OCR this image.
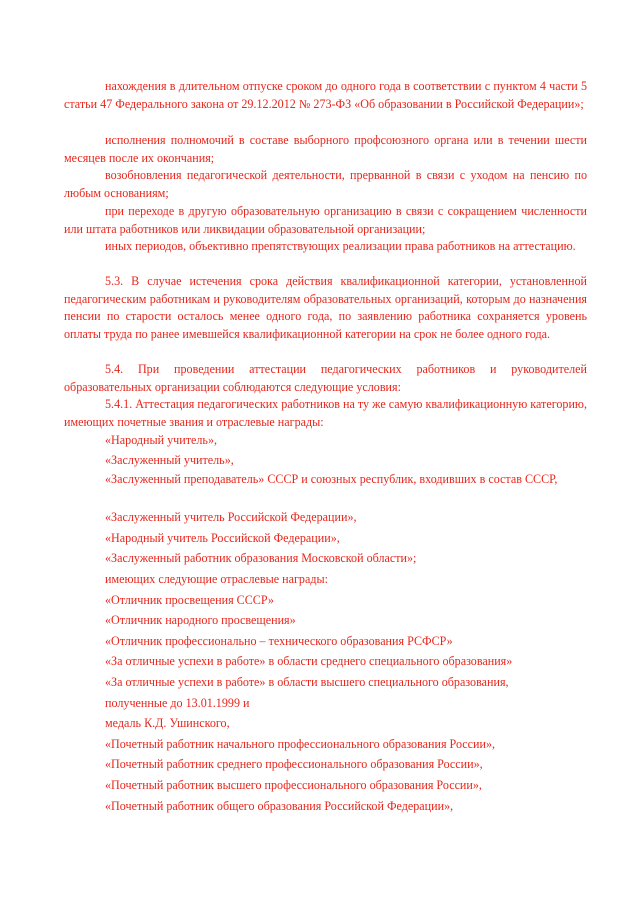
нахождения в длительном отпуске сроком до одного года в соответствии с пунктом 4 части 5 статьи 47 Федерального закона от 29.12.2012 № 273-ФЗ «Об образовании в Российской Федерации»;
исполнения полномочий в составе выборного профсоюзного органа или в течении шести месяцев после их окончания;
возобновления педагогической деятельности, прерванной в связи с уходом на пенсию по любым основаниям;
при переходе в другую образовательную организацию в связи с сокращением численности или штата работников или ликвидации образовательной организации;
иных периодов, объективно препятствующих реализации права работников на аттестацию.
5.3. В случае истечения срока действия квалификационной категории, установленной педагогическим работникам и руководителям образовательных организаций, которым до назначения пенсии по старости осталось менее одного года, по заявлению работника сохраняется уровень оплаты труда по ранее имевшейся квалификационной категории на срок не более одного года.
5.4. При проведении аттестации педагогических работников и руководителей образовательных организации соблюдаются следующие условия:
5.4.1. Аттестация педагогических работников на ту же самую квалификационную категорию, имеющих почетные звания и отраслевые награды:
«Народный учитель»,
«Заслуженный учитель»,
«Заслуженный преподаватель» СССР и союзных республик, входивших в состав СССР,
«Заслуженный учитель Российской Федерации»,
«Народный учитель Российской Федерации»,
«Заслуженный работник образования Московской области»;
имеющих следующие отраслевые награды:
«Отличник просвещения СССР»
«Отличник народного просвещения»
«Отличник профессионально – технического образования РСФСР»
«За отличные успехи в работе» в области среднего специального образования»
«За отличные успехи в работе» в области высшего специального образования,
полученные до 13.01.1999 и
медаль К.Д. Ушинского,
«Почетный работник начального профессионального образования России»,
«Почетный работник среднего профессионального образования России»,
«Почетный работник высшего профессионального образования России»,
«Почетный работник общего образования Российской Федерации»,
